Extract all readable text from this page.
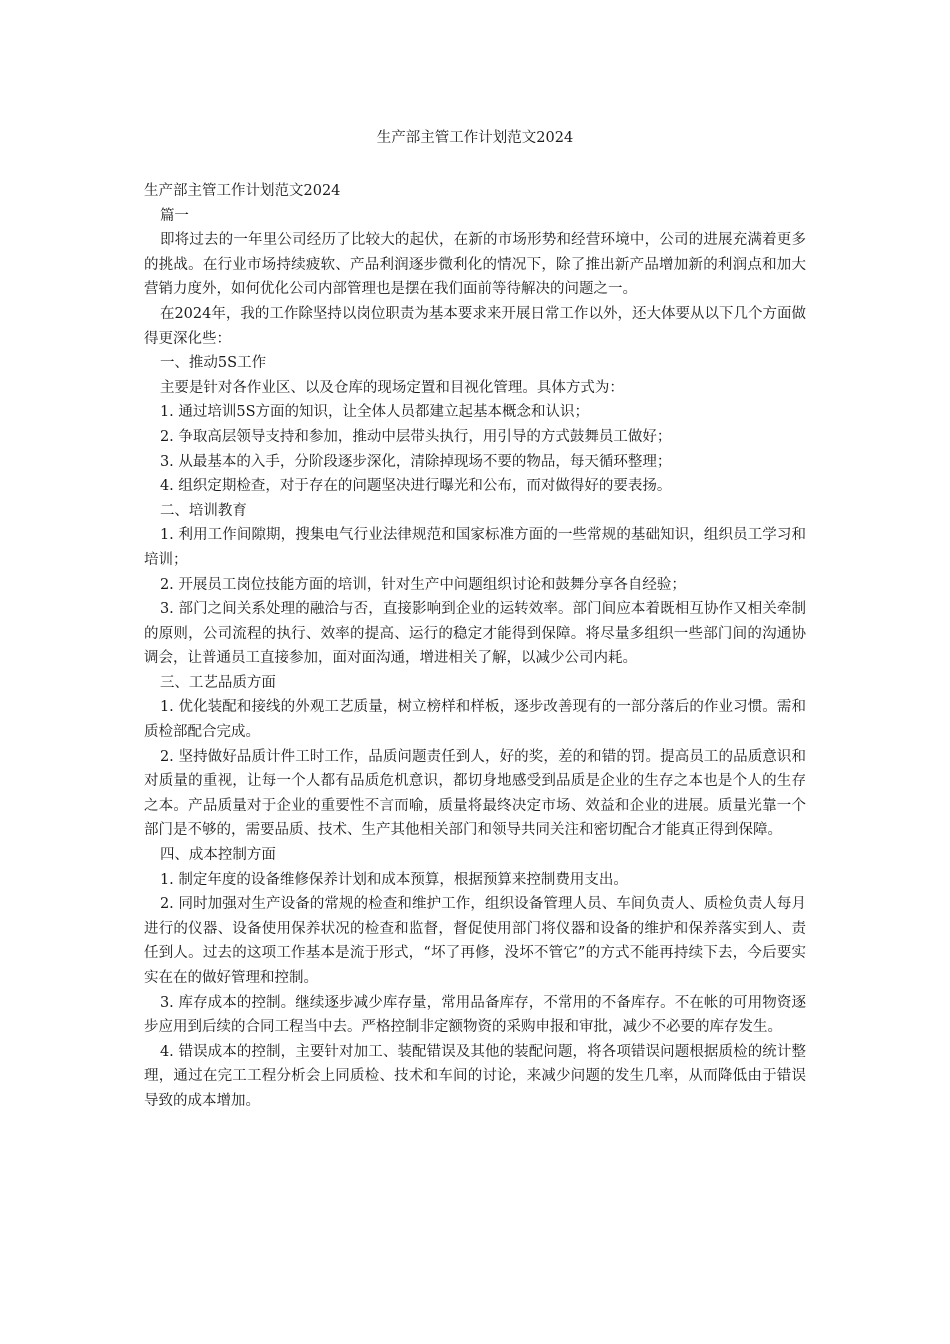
生产部主管工作计划范文2024

生产部主管工作计划范文2024

篇一

即将过去的一年里公司经历了比较大的起伏，在新的市场形势和经营环境中，公司的进展充满着更多的挑战。在行业市场持续疲软、产品利润逐步微利化的情况下，除了推出新产品增加新的利润点和加大营销力度外，如何优化公司内部管理也是摆在我们面前等待解决的问题之一。

在2024年，我的工作除坚持以岗位职责为基本要求来开展日常工作以外，还大体要从以下几个方面做得更深化些：

一、推动5S工作

主要是针对各作业区、以及仓库的现场定置和目视化管理。具体方式为：

1. 通过培训5S方面的知识，让全体人员都建立起基本概念和认识；

2. 争取高层领导支持和参加，推动中层带头执行，用引导的方式鼓舞员工做好；

3. 从最基本的入手，分阶段逐步深化，清除掉现场不要的物品，每天循环整理；

4. 组织定期检查，对于存在的问题坚决进行曝光和公布，而对做得好的要表扬。

二、培训教育

1. 利用工作间隙期，搜集电气行业法律规范和国家标准方面的一些常规的基础知识，组织员工学习和培训；

2. 开展员工岗位技能方面的培训，针对生产中问题组织讨论和鼓舞分享各自经验；

3. 部门之间关系处理的融洽与否，直接影响到企业的运转效率。部门间应本着既相互协作又相关牵制的原则，公司流程的执行、效率的提高、运行的稳定才能得到保障。将尽量多组织一些部门间的沟通协调会，让普通员工直接参加，面对面沟通，增进相关了解，以减少公司内耗。

三、工艺品质方面

1. 优化装配和接线的外观工艺质量，树立榜样和样板，逐步改善现有的一部分落后的作业习惯。需和质检部配合完成。

2. 坚持做好品质计件工时工作，品质问题责任到人，好的奖，差的和错的罚。提高员工的品质意识和对质量的重视，让每一个人都有品质危机意识，都切身地感受到品质是企业的生存之本也是个人的生存之本。产品质量对于企业的重要性不言而喻，质量将最终决定市场、效益和企业的进展。质量光靠一个部门是不够的，需要品质、技术、生产其他相关部门和领导共同关注和密切配合才能真正得到保障。

四、成本控制方面

1. 制定年度的设备维修保养计划和成本预算，根据预算来控制费用支出。

2. 同时加强对生产设备的常规的检查和维护工作，组织设备管理人员、车间负责人、质检负责人每月进行的仪器、设备使用保养状况的检查和监督，督促使用部门将仪器和设备的维护和保养落实到人、责任到人。过去的这项工作基本是流于形式，“坏了再修，没坏不管它”的方式不能再持续下去，今后要实实在在的做好管理和控制。

3. 库存成本的控制。继续逐步减少库存量，常用品备库存，不常用的不备库存。不在帐的可用物资逐步应用到后续的合同工程当中去。严格控制非定额物资的采购申报和审批，减少不必要的库存发生。

4. 错误成本的控制，主要针对加工、装配错误及其他的装配问题，将各项错误问题根据质检的统计整理，通过在完工工程分析会上同质检、技术和车间的讨论，来减少问题的发生几率，从而降低由于错误导致的成本增加。
